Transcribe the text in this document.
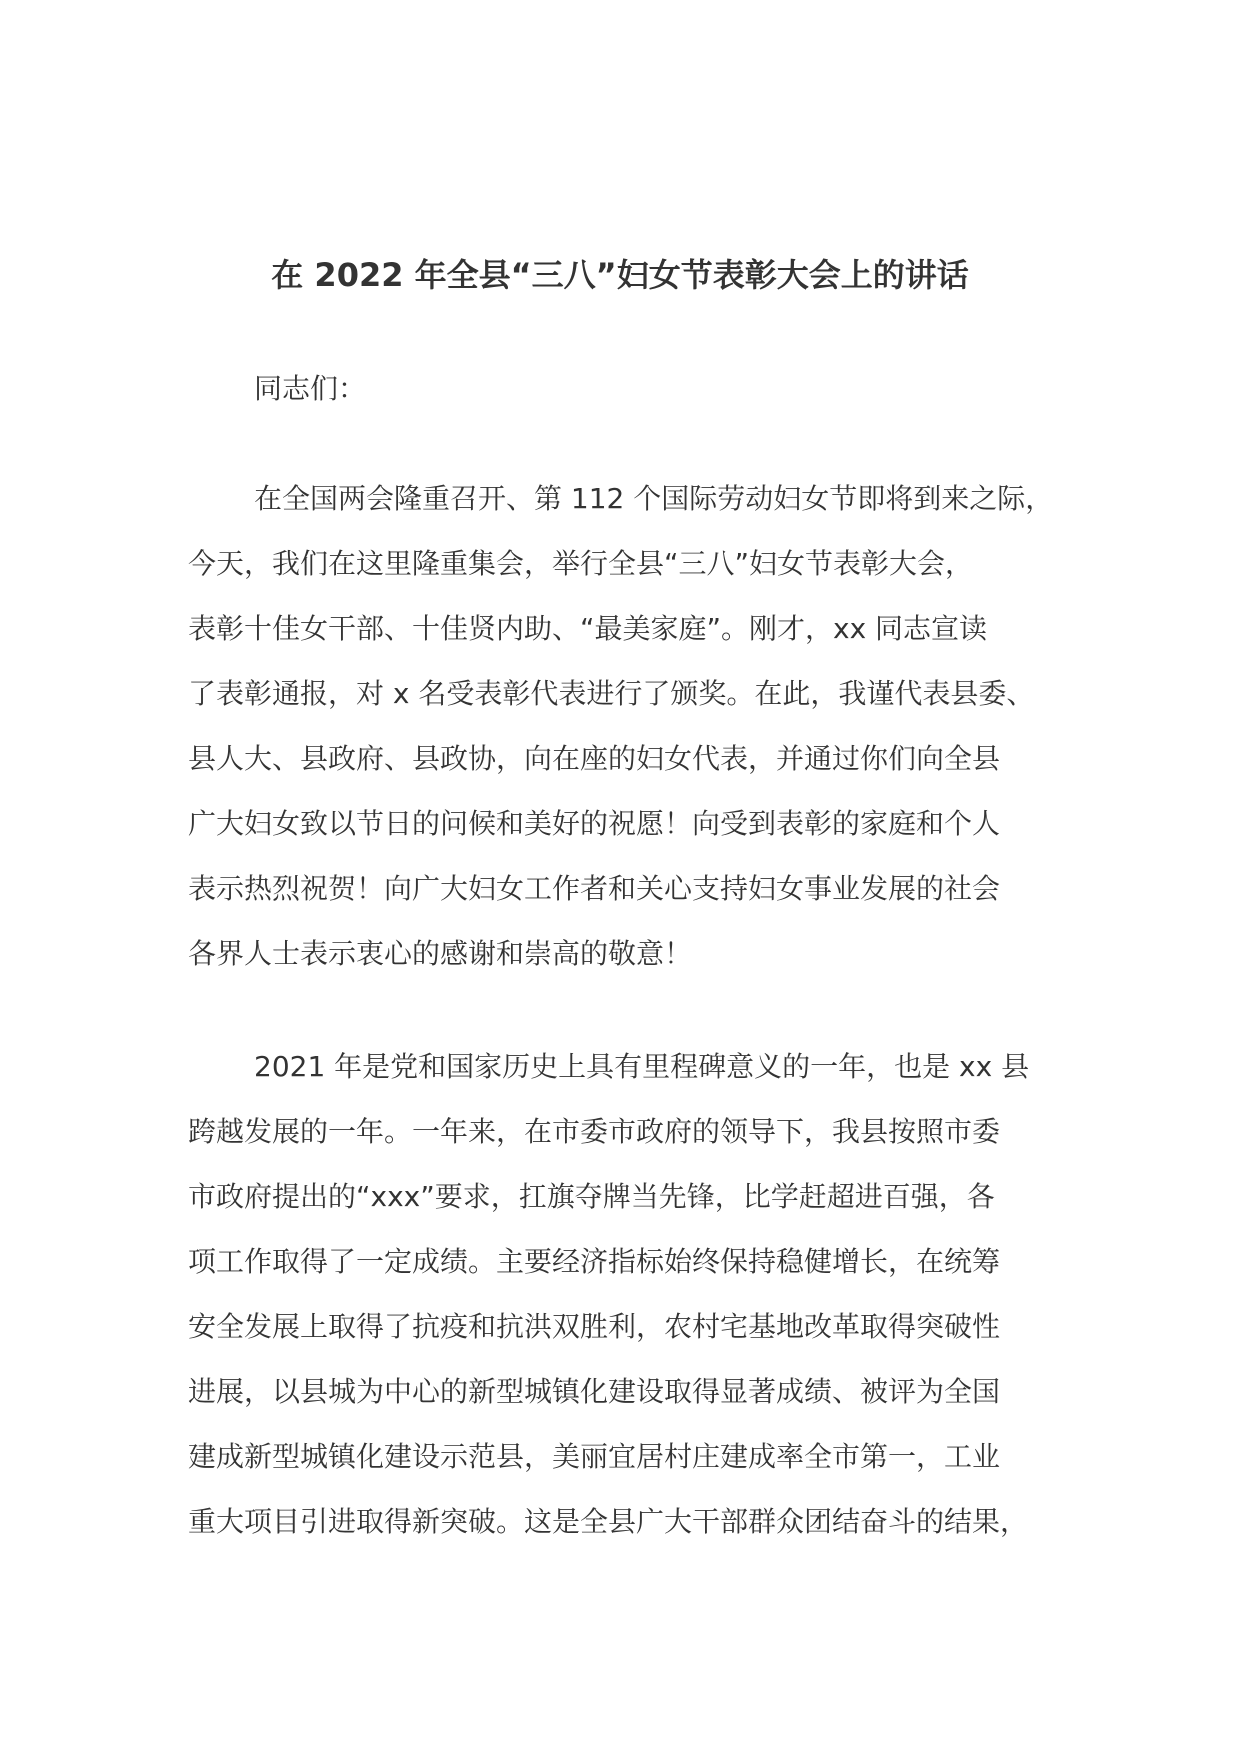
在 2022 年全县“三八”妇女节表彰大会上的讲话

同志们：

在全国两会隆重召开、第 112 个国际劳动妇女节即将到来之际，
今天，我们在这里隆重集会，举行全县“三八”妇女节表彰大会，
表彰十佳女干部、十佳贤内助、“最美家庭”。刚才，xx 同志宣读
了表彰通报，对 x 名受表彰代表进行了颁奖。在此，我谨代表县委、
县人大、县政府、县政协，向在座的妇女代表，并通过你们向全县
广大妇女致以节日的问候和美好的祝愿！向受到表彰的家庭和个人
表示热烈祝贺！向广大妇女工作者和关心支持妇女事业发展的社会
各界人士表示衷心的感谢和崇高的敬意！

2021 年是党和国家历史上具有里程碑意义的一年，也是 xx 县
跨越发展的一年。一年来，在市委市政府的领导下，我县按照市委
市政府提出的“xxx”要求，扛旗夺牌当先锋，比学赶超进百强，各
项工作取得了一定成绩。主要经济指标始终保持稳健增长，在统筹
安全发展上取得了抗疫和抗洪双胜利，农村宅基地改革取得突破性
进展，以县城为中心的新型城镇化建设取得显著成绩、被评为全国
建成新型城镇化建设示范县，美丽宜居村庄建成率全市第一，工业
重大项目引进取得新突破。这是全县广大干部群众团结奋斗的结果，
